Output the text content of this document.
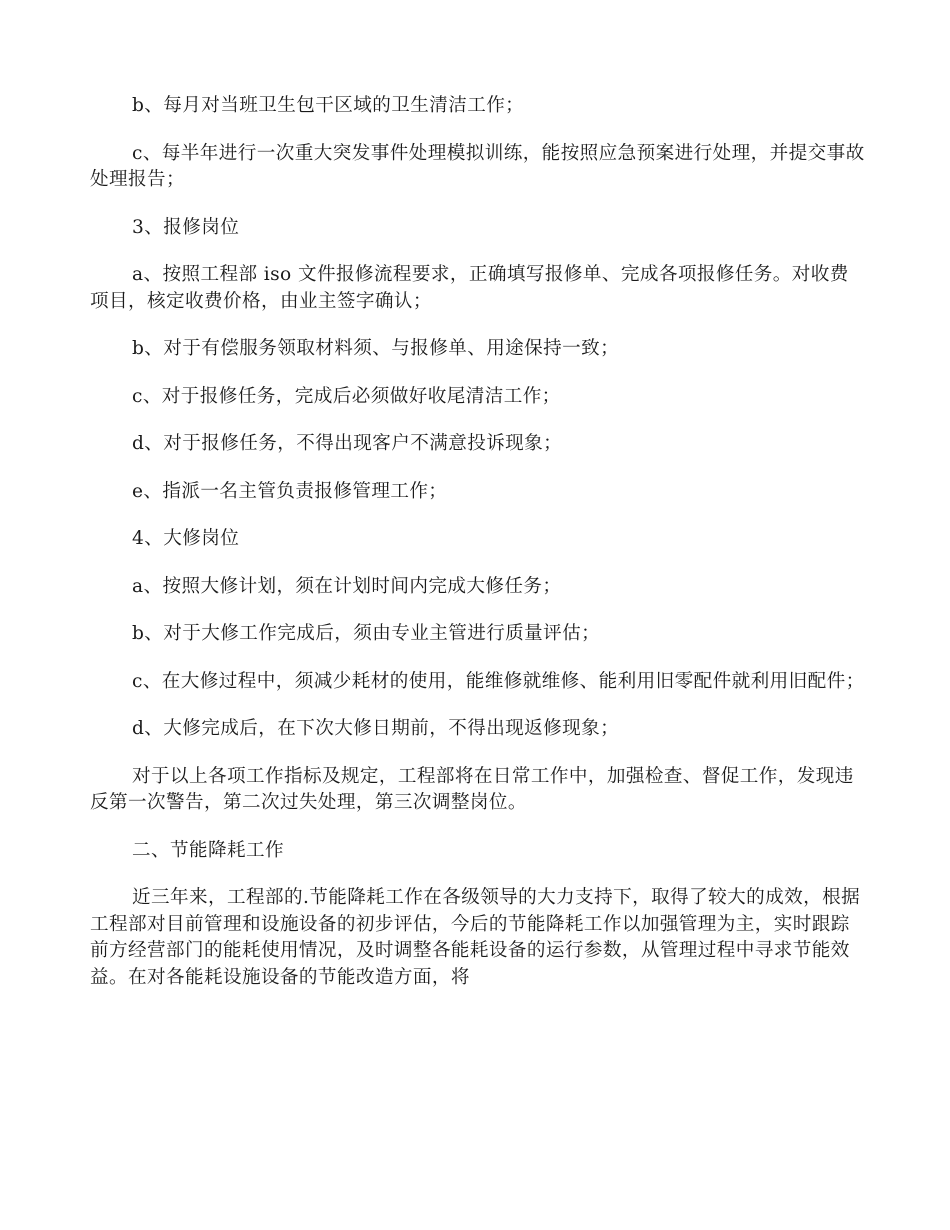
b、每月对当班卫生包干区域的卫生清洁工作；

c、每半年进行一次重大突发事件处理模拟训练，能按照应急预案进行处理，并提交事故处理报告；

3、报修岗位

a、按照工程部 iso 文件报修流程要求，正确填写报修单、完成各项报修任务。对收费项目，核定收费价格，由业主签字确认；

b、对于有偿服务领取材料须、与报修单、用途保持一致；

c、对于报修任务，完成后必须做好收尾清洁工作；

d、对于报修任务，不得出现客户不满意投诉现象；

e、指派一名主管负责报修管理工作；

4、大修岗位

a、按照大修计划，须在计划时间内完成大修任务；

b、对于大修工作完成后，须由专业主管进行质量评估；

c、在大修过程中，须减少耗材的使用，能维修就维修、能利用旧零配件就利用旧配件；

d、大修完成后，在下次大修日期前，不得出现返修现象；

对于以上各项工作指标及规定，工程部将在日常工作中，加强检查、督促工作，发现违反第一次警告，第二次过失处理，第三次调整岗位。

二、节能降耗工作

近三年来，工程部的.节能降耗工作在各级领导的大力支持下，取得了较大的成效，根据工程部对目前管理和设施设备的初步评估，今后的节能降耗工作以加强管理为主，实时跟踪前方经营部门的能耗使用情况，及时调整各能耗设备的运行参数，从管理过程中寻求节能效益。在对各能耗设施设备的节能改造方面，将
